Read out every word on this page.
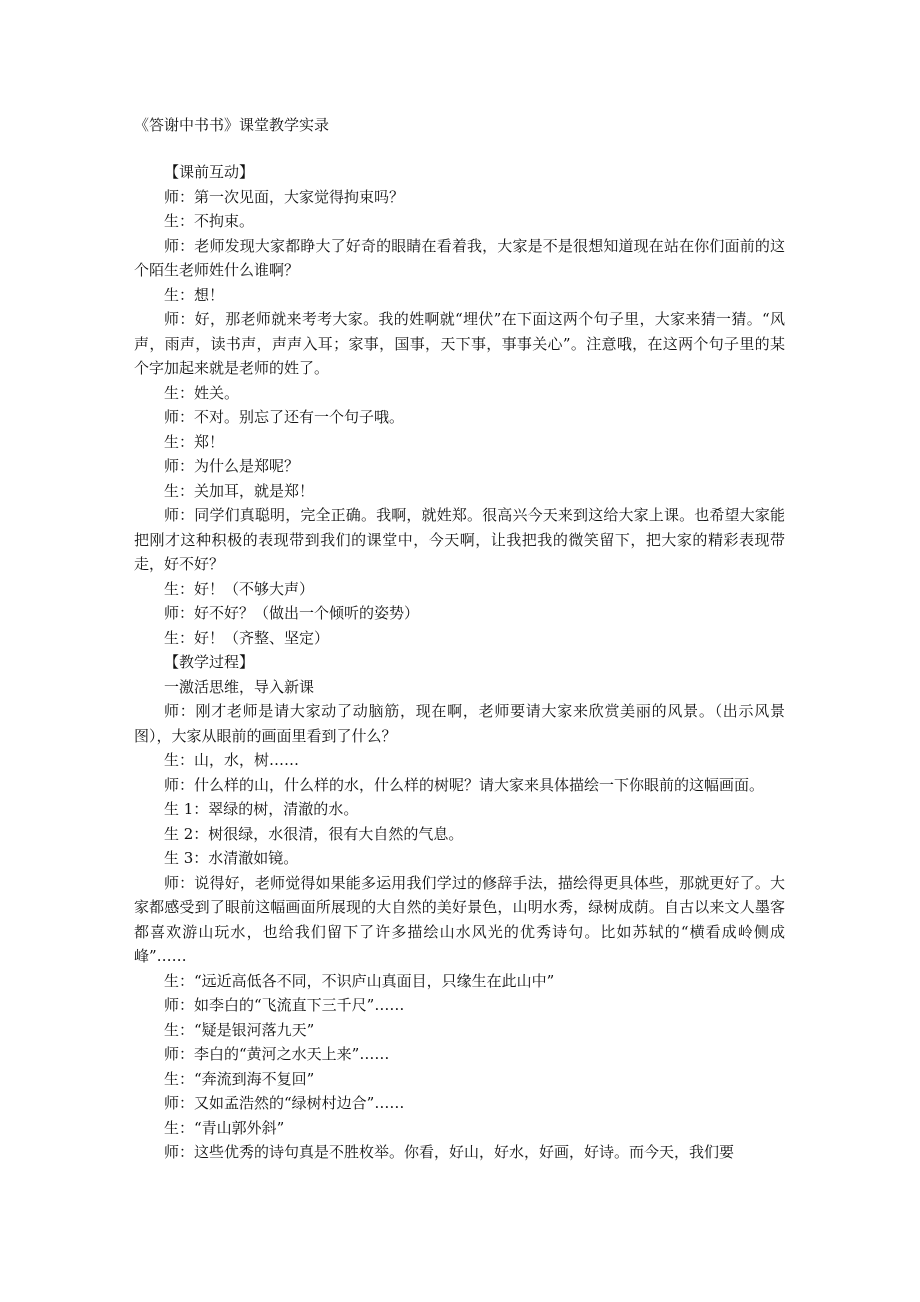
《答谢中书书》课堂教学实录

【课前互动】

师：第一次见面，大家觉得拘束吗？

生：不拘束。

师：老师发现大家都睁大了好奇的眼睛在看着我，大家是不是很想知道现在站在你们面前的这个陌生老师姓什么谁啊？

生：想！

师：好，那老师就来考考大家。我的姓啊就“埋伏”在下面这两个句子里，大家来猜一猜。“风声，雨声，读书声，声声入耳；家事，国事，天下事，事事关心”。注意哦，在这两个句子里的某个字加起来就是老师的姓了。

生：姓关。

师：不对。别忘了还有一个句子哦。

生：郑！

师：为什么是郑呢？

生：关加耳，就是郑！

师：同学们真聪明，完全正确。我啊，就姓郑。很高兴今天来到这给大家上课。也希望大家能把刚才这种积极的表现带到我们的课堂中，今天啊，让我把我的微笑留下，把大家的精彩表现带走，好不好？

生：好！（不够大声）

师：好不好？（做出一个倾听的姿势）

生：好！（齐整、坚定）

【教学过程】

一激活思维，导入新课

师：刚才老师是请大家动了动脑筋，现在啊，老师要请大家来欣赏美丽的风景。（出示风景图），大家从眼前的画面里看到了什么？

生：山，水，树……

师：什么样的山，什么样的水，什么样的树呢？请大家来具体描绘一下你眼前的这幅画面。

生 1：翠绿的树，清澈的水。

生 2：树很绿，水很清，很有大自然的气息。

生 3：水清澈如镜。

师：说得好，老师觉得如果能多运用我们学过的修辞手法，描绘得更具体些，那就更好了。大家都感受到了眼前这幅画面所展现的大自然的美好景色，山明水秀，绿树成荫。自古以来文人墨客都喜欢游山玩水，也给我们留下了许多描绘山水风光的优秀诗句。比如苏轼的“横看成岭侧成峰”……

生：“远近高低各不同，不识庐山真面目，只缘生在此山中”

师：如李白的“飞流直下三千尺”……

生：“疑是银河落九天”

师：李白的“黄河之水天上来”……

生：“奔流到海不复回”

师：又如孟浩然的“绿树村边合”……

生：“青山郭外斜”

师：这些优秀的诗句真是不胜枚举。你看，好山，好水，好画，好诗。而今天，我们要
